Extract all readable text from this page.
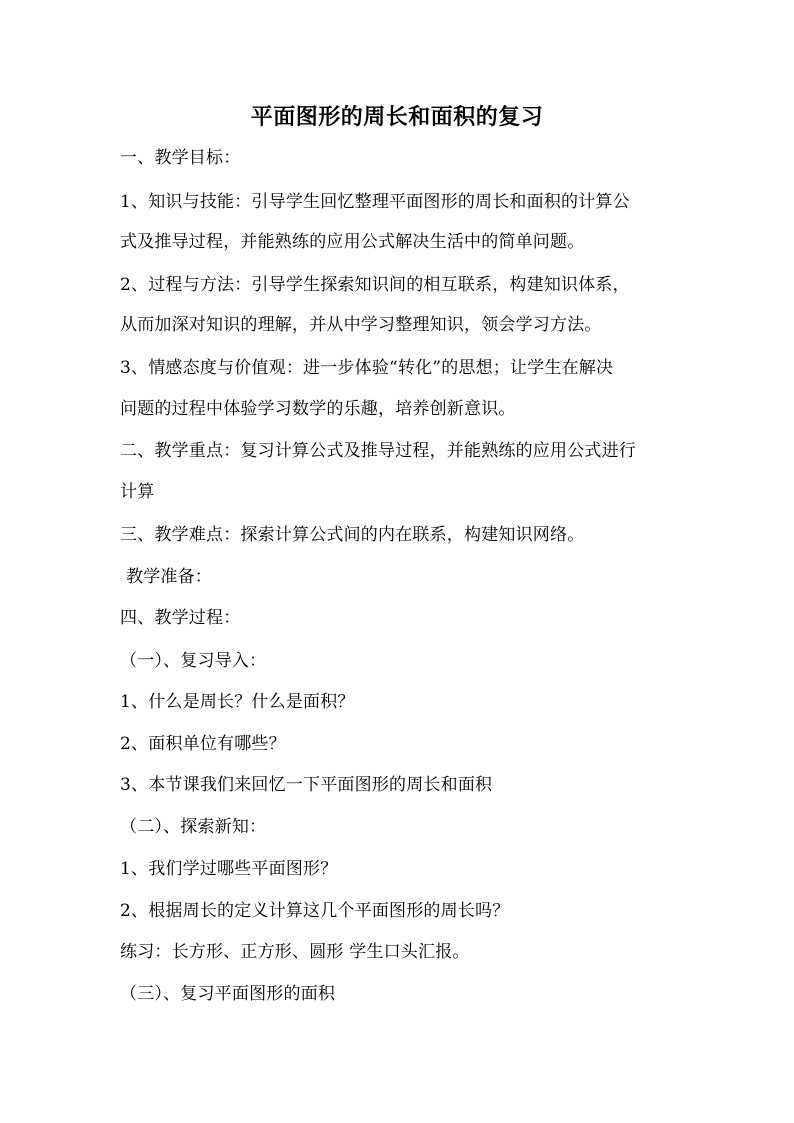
平面图形的周长和面积的复习
一、教学目标：
1、知识与技能：引导学生回忆整理平面图形的周长和面积的计算公
式及推导过程，并能熟练的应用公式解决生活中的简单问题。
2、过程与方法：引导学生探索知识间的相互联系，构建知识体系，
从而加深对知识的理解，并从中学习整理知识，领会学习方法。
3、情感态度与价值观：进一步体验“转化”的思想；让学生在解决
问题的过程中体验学习数学的乐趣，培养创新意识。
二、教学重点：复习计算公式及推导过程，并能熟练的应用公式进行
计算
三、教学难点：探索计算公式间的内在联系，构建知识网络。
教学准备：
四、教学过程：
（一）、复习导入：
1、什么是周长？什么是面积？
2、面积单位有哪些？
3、本节课我们来回忆一下平面图形的周长和面积
（二）、探索新知：
1、我们学过哪些平面图形？
2、根据周长的定义计算这几个平面图形的周长吗？
练习：长方形、正方形、圆形 学生口头汇报。
（三）、复习平面图形的面积
